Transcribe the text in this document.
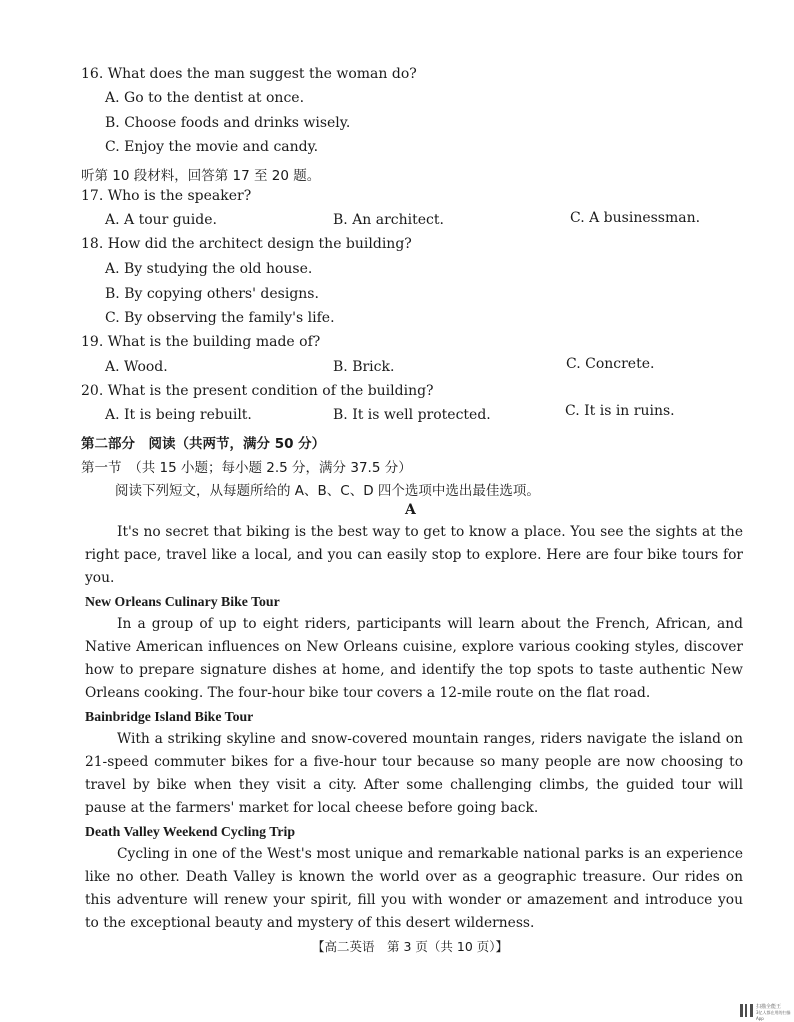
16. What does the man suggest the woman do?
A. Go to the dentist at once.
B. Choose foods and drinks wisely.
C. Enjoy the movie and candy.
听第 10 段材料，回答第 17 至 20 题。
17. Who is the speaker?
A. A tour guide.	B. An architect.	C. A businessman.
18. How did the architect design the building?
A. By studying the old house.
B. By copying others' designs.
C. By observing the family's life.
19. What is the building made of?
A. Wood.	B. Brick.	C. Concrete.
20. What is the present condition of the building?
A. It is being rebuilt.	B. It is well protected.	C. It is in ruins.
第二部分　阅读（共两节，满分 50 分）
第一节　（共 15 小题；每小题 2.5 分，满分 37.5 分）
阅读下列短文，从每题所给的 A、B、C、D 四个选项中选出最佳选项。
A

It's no secret that biking is the best way to get to know a place. You see the sights at the right pace, travel like a local, and you can easily stop to explore. Here are four bike tours for you.

New Orleans Culinary Bike Tour

In a group of up to eight riders, participants will learn about the French, African, and Native American influences on New Orleans cuisine, explore various cooking styles, discover how to prepare signature dishes at home, and identify the top spots to taste authentic New Orleans cooking. The four-hour bike tour covers a 12-mile route on the flat road.

Bainbridge Island Bike Tour

With a striking skyline and snow-covered mountain ranges, riders navigate the island on 21-speed commuter bikes for a five-hour tour because so many people are now choosing to travel by bike when they visit a city. After some challenging climbs, the guided tour will pause at the farmers' market for local cheese before going back.

Death Valley Weekend Cycling Trip

Cycling in one of the West's most unique and remarkable national parks is an experience like no other. Death Valley is known the world over as a geographic treasure. Our rides on this adventure will renew your spirit, fill you with wonder or amazement and introduce you to the exceptional beauty and mystery of this desert wilderness.

【高二英语　第 3 页（共 10 页）】
扫描全能王
3亿人都在用的扫描App
